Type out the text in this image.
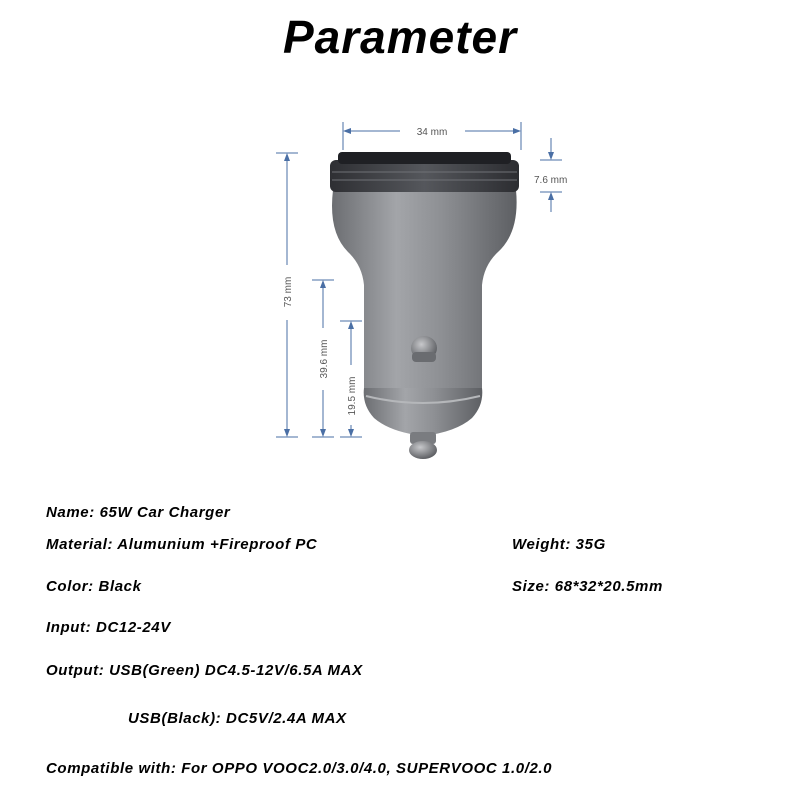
Parameter
34 mm
7.6 mm
73 mm
39.6 mm
19.5 mm
Name: 65W Car Charger
Material: Alumunium +Fireproof PC	Weight: 35G
Color: Black	Size: 68*32*20.5mm
Input: DC12-24V
Output: USB(Green) DC4.5-12V/6.5A MAX
USB(Black): DC5V/2.4A MAX
Compatible with: For OPPO VOOC2.0/3.0/4.0, SUPERVOOC 1.0/2.0
